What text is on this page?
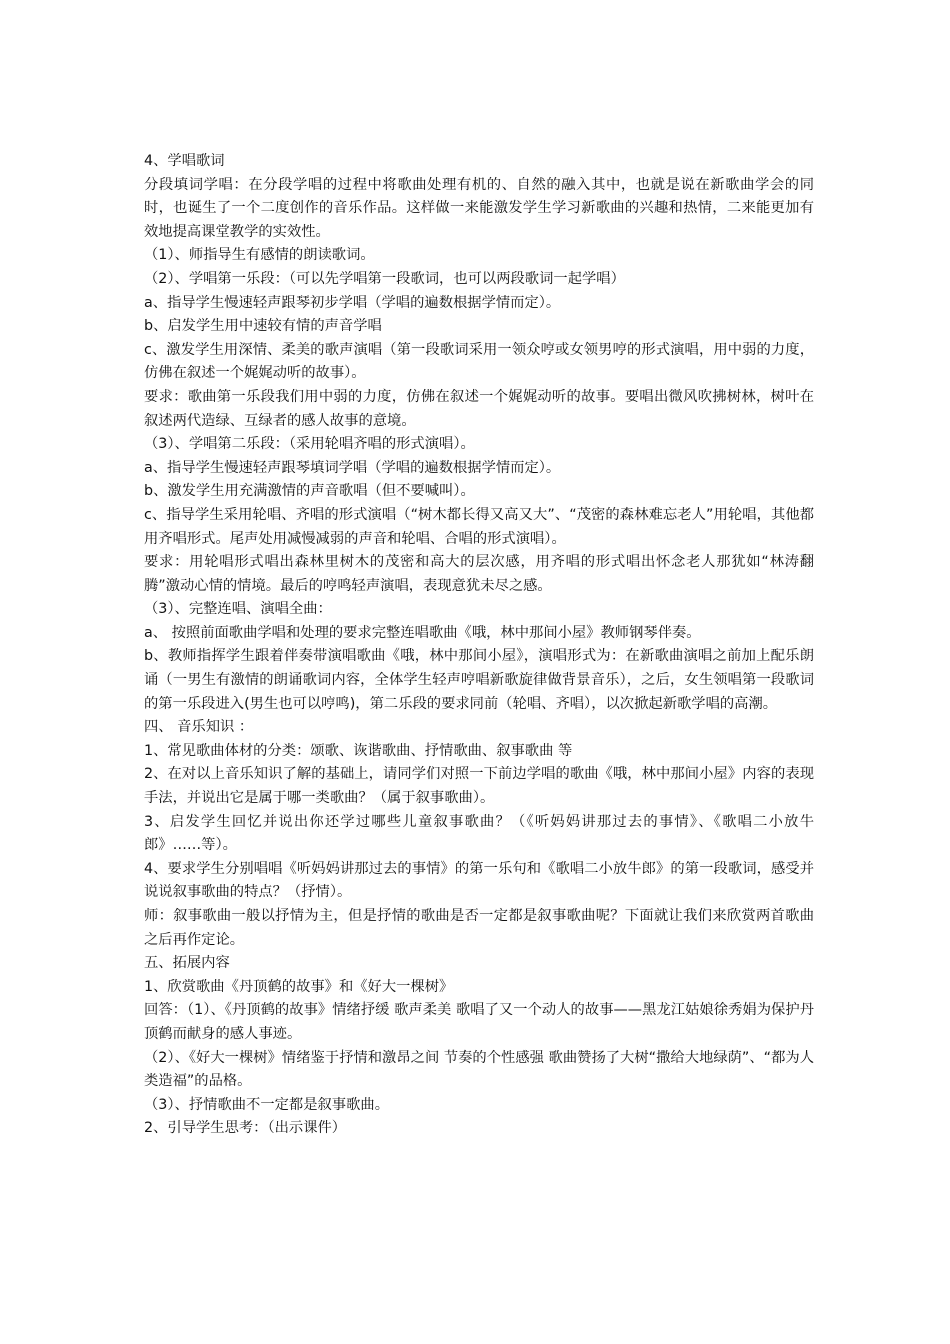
4、学唱歌词

分段填词学唱：在分段学唱的过程中将歌曲处理有机的、自然的融入其中，也就是说在新歌曲学会的同时，也诞生了一个二度创作的音乐作品。这样做一来能激发学生学习新歌曲的兴趣和热情，二来能更加有效地提高课堂教学的实效性。

（1）、师指导生有感情的朗读歌词。

（2）、学唱第一乐段：（可以先学唱第一段歌词，也可以两段歌词一起学唱）

a、指导学生慢速轻声跟琴初步学唱（学唱的遍数根据学情而定）。

b、启发学生用中速较有情的声音学唱

c、激发学生用深情、柔美的歌声演唱（第一段歌词采用一领众哼或女领男哼的形式演唱，用中弱的力度，仿佛在叙述一个娓娓动听的故事）。

要求：歌曲第一乐段我们用中弱的力度，仿佛在叙述一个娓娓动听的故事。要唱出微风吹拂树林，树叶在叙述两代造绿、互绿者的感人故事的意境。

（3）、学唱第二乐段：（采用轮唱齐唱的形式演唱）。

a、指导学生慢速轻声跟琴填词学唱（学唱的遍数根据学情而定）。

b、激发学生用充满激情的声音歌唱（但不要喊叫）。

c、指导学生采用轮唱、齐唱的形式演唱（“树木都长得又高又大”、“茂密的森林难忘老人”用轮唱，其他都用齐唱形式。尾声处用减慢减弱的声音和轮唱、合唱的形式演唱）。

要求：用轮唱形式唱出森林里树木的茂密和高大的层次感，用齐唱的形式唱出怀念老人那犹如“林涛翻腾”激动心情的情境。最后的哼鸣轻声演唱，表现意犹未尽之感。

（3）、完整连唱、演唱全曲：

a、 按照前面歌曲学唱和处理的要求完整连唱歌曲《哦，林中那间小屋》教师钢琴伴奏。

b、教师指挥学生跟着伴奏带演唱歌曲《哦，林中那间小屋》，演唱形式为：在新歌曲演唱之前加上配乐朗诵（一男生有激情的朗诵歌词内容，全体学生轻声哼唱新歌旋律做背景音乐），之后，女生领唱第一段歌词的第一乐段进入(男生也可以哼鸣)，第二乐段的要求同前（轮唱、齐唱），以次掀起新歌学唱的高潮。

四、 音乐知识 ：

1、常见歌曲体材的分类：颂歌、诙谐歌曲、抒情歌曲、叙事歌曲 等

2、在对以上音乐知识了解的基础上，请同学们对照一下前边学唱的歌曲《哦，林中那间小屋》内容的表现手法，并说出它是属于哪一类歌曲？（属于叙事歌曲）。

3、启发学生回忆并说出你还学过哪些儿童叙事歌曲？（《听妈妈讲那过去的事情》、《歌唱二小放牛郎》……等）。

4、要求学生分别唱唱《听妈妈讲那过去的事情》的第一乐句和《歌唱二小放牛郎》的第一段歌词，感受并说说叙事歌曲的特点？（抒情）。

师：叙事歌曲一般以抒情为主，但是抒情的歌曲是否一定都是叙事歌曲呢？下面就让我们来欣赏两首歌曲之后再作定论。

五、拓展内容

1、欣赏歌曲《丹顶鹤的故事》和《好大一棵树》

回答：（1）、《丹顶鹤的故事》情绪抒缓 歌声柔美 歌唱了又一个动人的故事——黑龙江姑娘徐秀娟为保护丹顶鹤而献身的感人事迹。

（2）、《好大一棵树》情绪鉴于抒情和激昂之间 节奏的个性感强 歌曲赞扬了大树“撒给大地绿荫”、“都为人类造福”的品格。

（3）、抒情歌曲不一定都是叙事歌曲。

2、引导学生思考：（出示课件）
